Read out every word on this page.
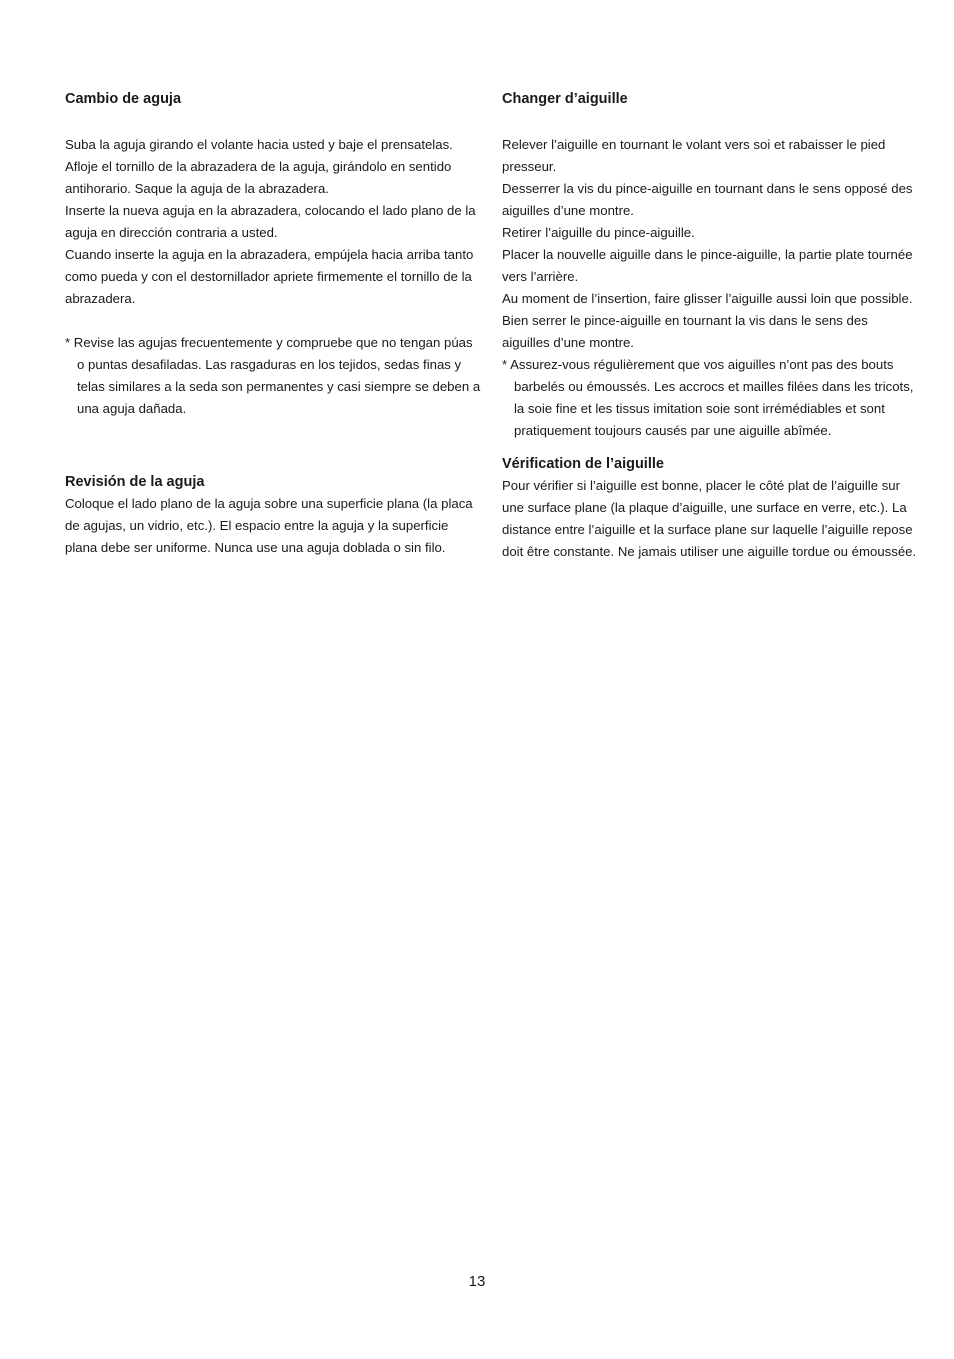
Cambio de aguja

Suba la aguja girando el volante hacia usted y baje el prensatelas.

Afloje el tornillo de la abrazadera de la aguja, girándolo en sentido antihorario. Saque la aguja de la abrazadera.

Inserte la nueva aguja en la abrazadera, colocando el lado plano de la aguja en dirección contraria a usted.

Cuando inserte la aguja en la abrazadera, empújela hacia arriba tanto como pueda y con el destornillador apriete firmemente el tornillo de la abrazadera.

* Revise las agujas frecuentemente y compruebe que no tengan púas o puntas desafiladas. Las rasgaduras en los tejidos, sedas finas y telas similares a la seda son permanentes y casi siempre se deben a una aguja dañada.

Revisión de la aguja

Coloque el lado plano de la aguja sobre una superficie plana (la placa de agujas, un vidrio, etc.). El espacio entre la aguja y la superficie plana debe ser uniforme. Nunca use una aguja doblada o sin filo.

Changer d’aiguille

Relever l’aiguille en tournant le volant vers soi et rabaisser le pied presseur.

Desserrer la vis du pince-aiguille en tournant dans le sens opposé des aiguilles d’une montre.

Retirer l’aiguille du pince-aiguille.

Placer la nouvelle aiguille dans le pince-aiguille, la partie plate tournée vers l’arrière.

Au moment de l’insertion, faire glisser l’aiguille aussi loin que possible. Bien serrer le pince-aiguille en tournant la vis dans le sens des aiguilles d’une montre.

* Assurez-vous régulièrement que vos aiguilles n’ont pas des bouts barbelés ou émoussés. Les accrocs et mailles filées dans les tricots, la soie fine et les tissus imitation soie sont irrémédiables et sont pratiquement toujours causés par une aiguille abîmée.

Vérification de l’aiguille

Pour vérifier si l’aiguille est bonne, placer le côté plat de l’aiguille sur une surface plane (la plaque d’aiguille, une surface en verre, etc.). La distance entre l’aiguille et la surface plane sur laquelle l’aiguille repose doit être constante. Ne jamais utiliser une aiguille tordue ou émoussée.

13
